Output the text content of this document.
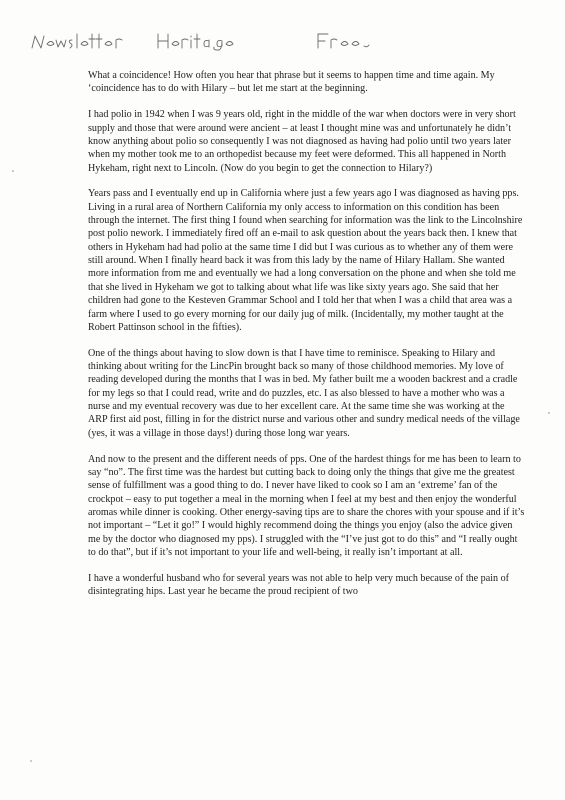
What a coincidence! How often you hear that phrase but it seems to happen time and time again. My ‘coincidence has to do with Hilary – but let me start at the beginning.

I had polio in 1942 when I was 9 years old, right in the middle of the war when doctors were in very short supply and those that were around were ancient – at least I thought mine was and unfortunately he didn’t know anything about polio so consequently I was not diagnosed as having had polio until two years later when my mother took me to an orthopedist because my feet were deformed. This all happened in North Hykeham, right next to Lincoln. (Now do you begin to get the connection to Hilary?)

Years pass and I eventually end up in California where just a few years ago I was diagnosed as having pps. Living in a rural area of Northern California my only access to information on this condition has been through the internet. The first thing I found when searching for information was the link to the Lincolnshire post polio nework. I immediately fired off an e-mail to ask question about the years back then. I knew that others in Hykeham had had polio at the same time I did but I was curious as to whether any of them were still around. When I finally heard back it was from this lady by the name of Hilary Hallam. She wanted more information from me and eventually we had a long conversation on the phone and when she told me that she lived in Hykeham we got to talking about what life was like sixty years ago. She said that her children had gone to the Kesteven Grammar School and I told her that when I was a child that area was a farm where I used to go every morning for our daily jug of milk. (Incidentally, my mother taught at the Robert Pattinson school in the fifties).

One of the things about having to slow down is that I have time to reminisce. Speaking to Hilary and thinking about writing for the LincPin brought back so many of those childhood memories. My love of reading developed during the months that I was in bed. My father built me a wooden backrest and a cradle for my legs so that I could read, write and do puzzles, etc. I as also blessed to have a mother who was a nurse and my eventual recovery was due to her excellent care. At the same time she was working at the ARP first aid post, filling in for the district nurse and various other and sundry medical needs of the village (yes, it was a village in those days!) during those long war years.

And now to the present and the different needs of pps. One of the hardest things for me has been to learn to say “no”. The first time was the hardest but cutting back to doing only the things that give me the greatest sense of fulfillment was a good thing to do. I never have liked to cook so I am an ‘extreme’ fan of the crockpot – easy to put together a meal in the morning when I feel at my best and then enjoy the wonderful aromas while dinner is cooking. Other energy-saving tips are to share the chores with your spouse and if it’s not important – “Let it go!” I would highly recommend doing the things you enjoy (also the advice given me by the doctor who diagnosed my pps). I struggled with the “I’ve just got to do this” and “I really ought to do that”, but if it’s not important to your life and well-being, it really isn’t important at all.

I have a wonderful husband who for several years was not able to help very much because of the pain of disintegrating hips. Last year he became the proud recipient of two
